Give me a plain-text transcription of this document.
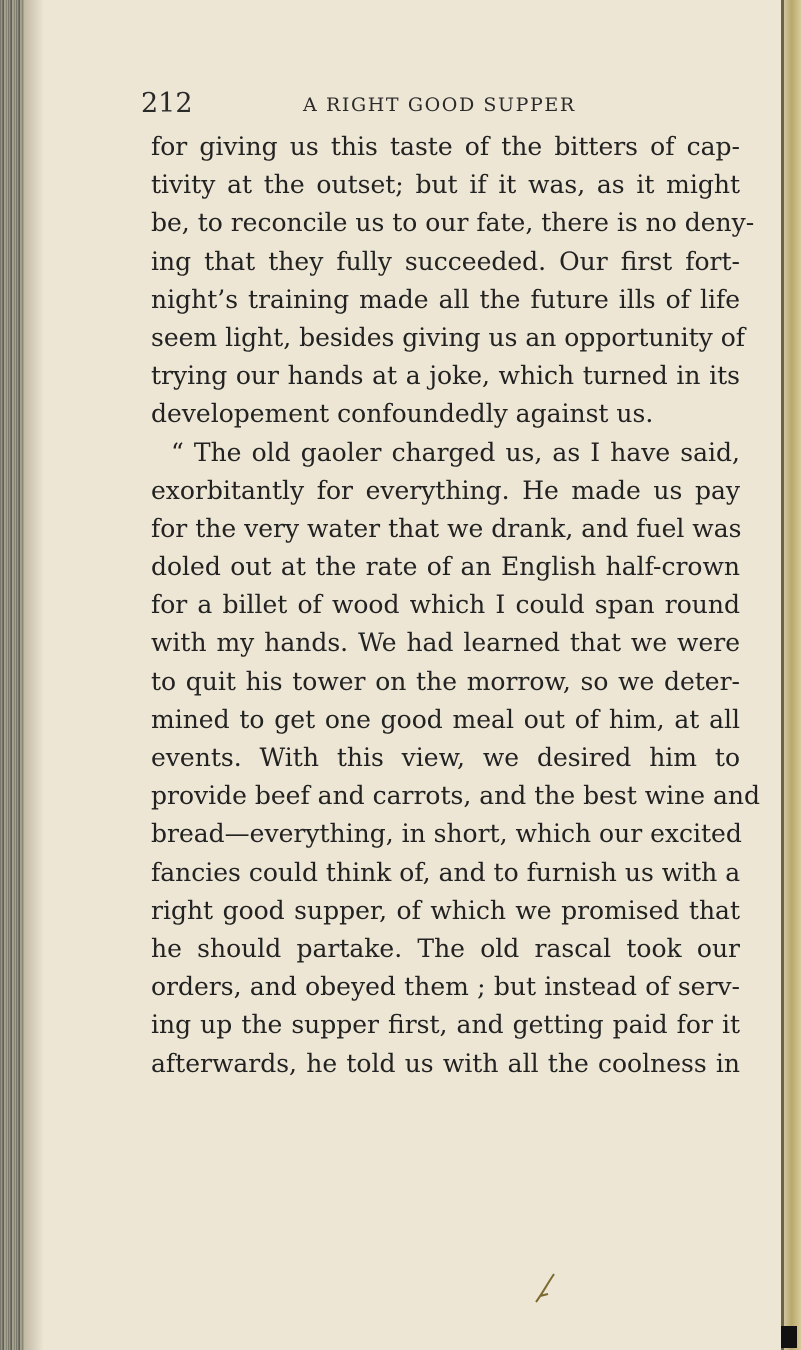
212	A RIGHT GOOD SUPPER
for giving us this taste of the bitters of cap-
tivity at the outset; but if it was, as it might
be, to reconcile us to our fate, there is no deny-
ing that they fully succeeded. Our first fort-
night’s training made all the future ills of life
seem light, besides giving us an opportunity of
trying our hands at a joke, which turned in its
developement confoundedly against us.
“ The old gaoler charged us, as I have said,
exorbitantly for everything. He made us pay
for the very water that we drank, and fuel was
doled out at the rate of an English half-crown
for a billet of wood which I could span round
with my hands. We had learned that we were
to quit his tower on the morrow, so we deter-
mined to get one good meal out of him, at all
events. With this view, we desired him to
provide beef and carrots, and the best wine and
bread—everything, in short, which our excited
fancies could think of, and to furnish us with a
right good supper, of which we promised that
he should partake. The old rascal took our
orders, and obeyed them ; but instead of serv-
ing up the supper first, and getting paid for it
afterwards, he told us with all the coolness in
